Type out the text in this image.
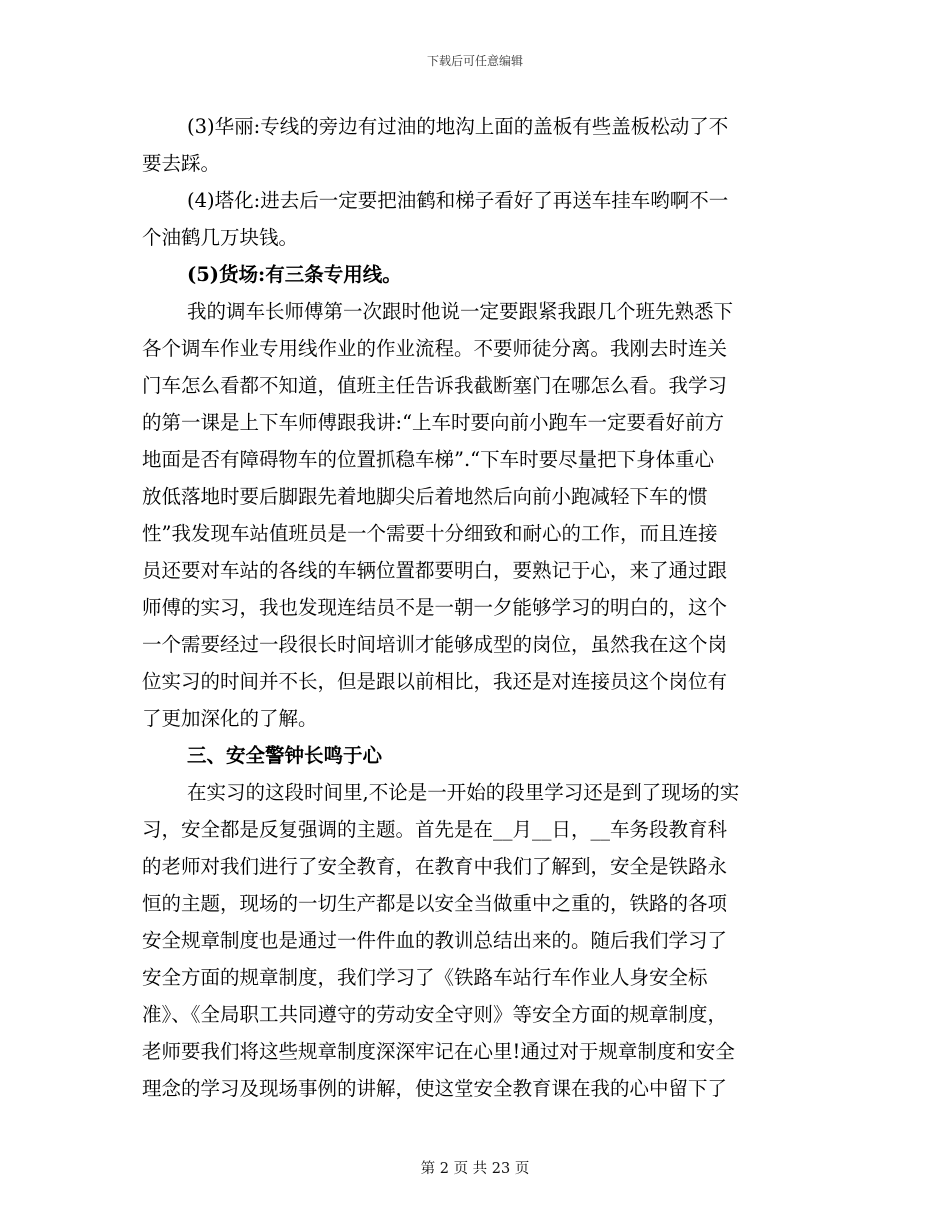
下载后可任意编辑
(3)华丽:专线的旁边有过油的地沟上面的盖板有些盖板松动了不
要去踩。
(4)塔化:进去后一定要把油鹤和梯子看好了再送车挂车哟啊不一
个油鹤几万块钱。
(5)货场:有三条专用线。
我的调车长师傅第一次跟时他说一定要跟紧我跟几个班先熟悉下
各个调车作业专用线作业的作业流程。不要师徒分离。我刚去时连关
门车怎么看都不知道，值班主任告诉我截断塞门在哪怎么看。我学习
的第一课是上下车师傅跟我讲:“上车时要向前小跑车一定要看好前方
地面是否有障碍物车的位置抓稳车梯”.“下车时要尽量把下身体重心
放低落地时要后脚跟先着地脚尖后着地然后向前小跑减轻下车的惯
性”我发现车站值班员是一个需要十分细致和耐心的工作，而且连接
员还要对车站的各线的车辆位置都要明白，要熟记于心，来了通过跟
师傅的实习，我也发现连结员不是一朝一夕能够学习的明白的，这个
一个需要经过一段很长时间培训才能够成型的岗位，虽然我在这个岗
位实习的时间并不长，但是跟以前相比，我还是对连接员这个岗位有
了更加深化的了解。
三、安全警钟长鸣于心
在实习的这段时间里,不论是一开始的段里学习还是到了现场的实
习，安全都是反复强调的主题。首先是在__月__日，__车务段教育科
的老师对我们进行了安全教育，在教育中我们了解到，安全是铁路永
恒的主题，现场的一切生产都是以安全当做重中之重的，铁路的各项
安全规章制度也是通过一件件血的教训总结出来的。随后我们学习了
安全方面的规章制度，我们学习了《铁路车站行车作业人身安全标
准》、《全局职工共同遵守的劳动安全守则》等安全方面的规章制度，
老师要我们将这些规章制度深深牢记在心里!通过对于规章制度和安全
理念的学习及现场事例的讲解，使这堂安全教育课在我的心中留下了
第 2 页 共 23 页
